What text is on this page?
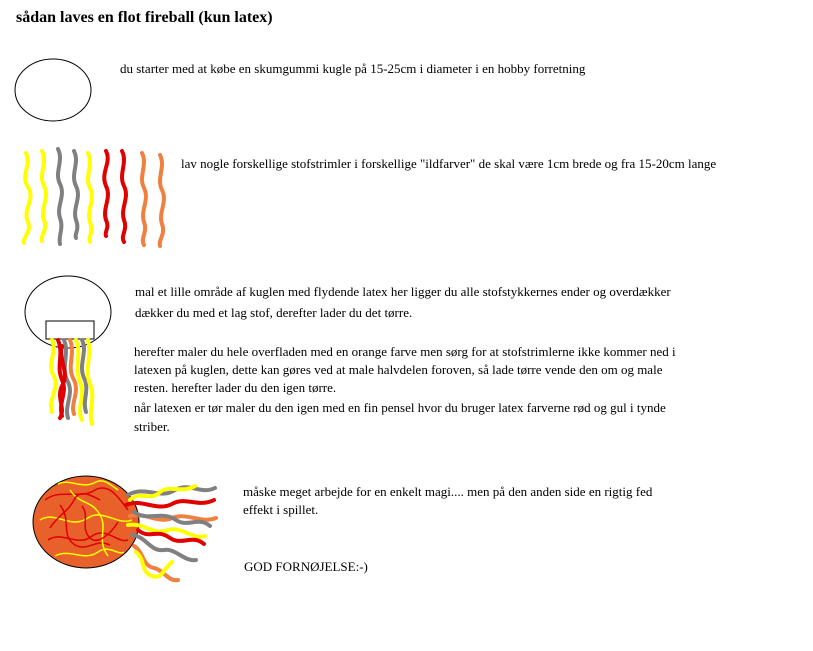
sådan laves en flot fireball (kun latex)
du starter med at købe en skumgummi kugle på 15-25cm i diameter i en hobby forretning
lav nogle forskellige stofstrimler i forskellige "ildfarver" de skal være 1cm brede og fra 15-20cm lange
mal et lille område af kuglen med flydende latex her ligger du alle stofstykkernes ender og overdækker
dækker du med et lag stof, derefter lader du det tørre.
herefter maler du hele overfladen med en orange farve men sørg for at stofstrimlerne ikke kommer ned i
latexen på kuglen, dette kan gøres ved at male halvdelen foroven, så lade tørre vende den om og male
resten. herefter lader du den igen tørre.
når latexen er tør maler du den igen med en fin pensel hvor du bruger latex farverne rød og gul i tynde
striber.
måske meget arbejde for en enkelt magi.... men på den anden side en rigtig fed
effekt i spillet.
GOD FORNØJELSE:-)
